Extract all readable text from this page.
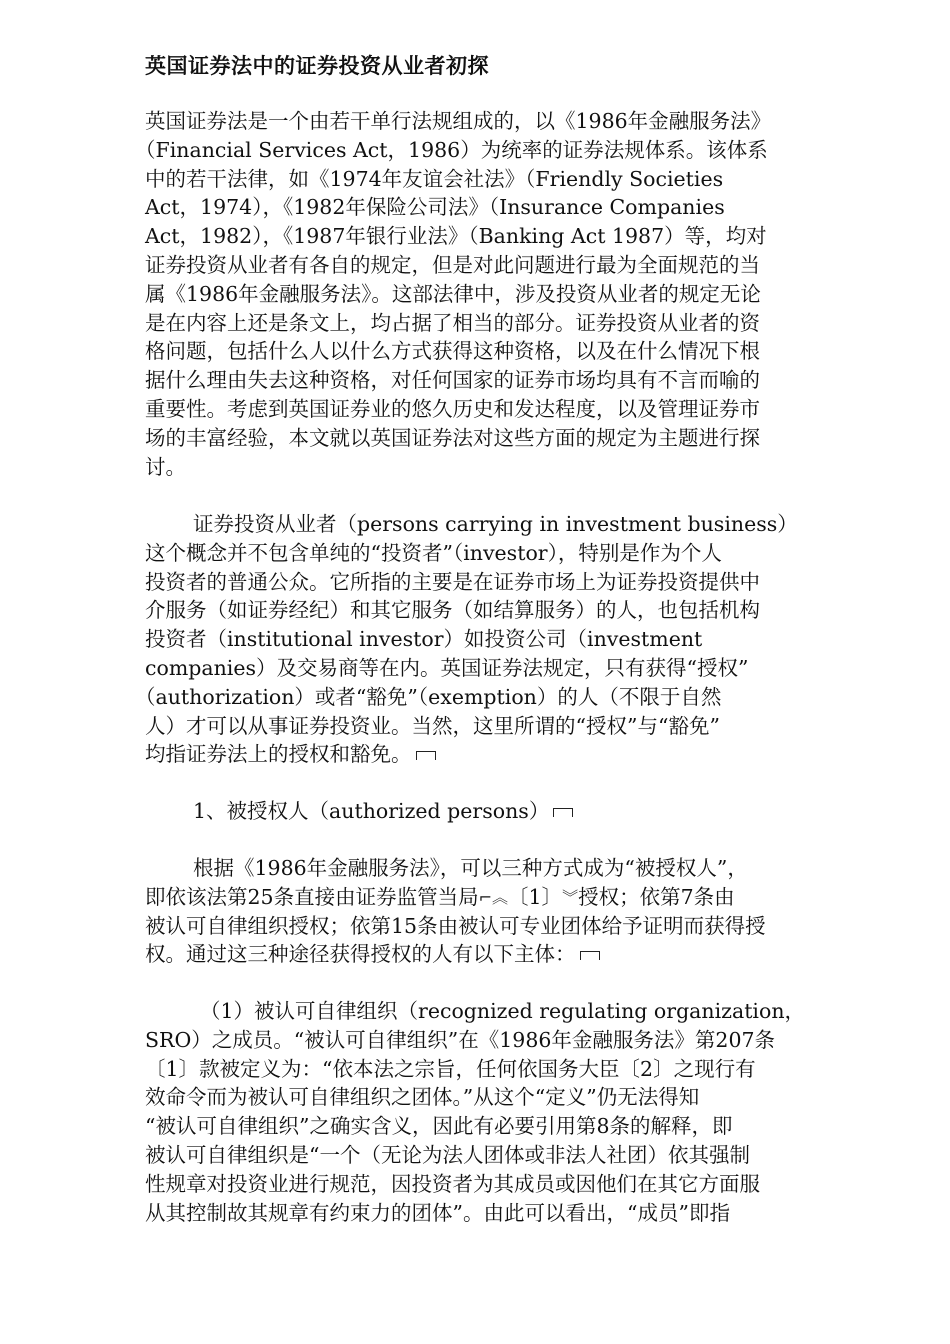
英国证券法中的证券投资从业者初探
英国证券法是一个由若干单行法规组成的，以《1986年金融服务法》
（Financial Services Act，1986）为统率的证券法规体系。该体系
中的若干法律，如《1974年友谊会社法》（Friendly Societies
Act，1974），《1982年保险公司法》（Insurance Companies
Act，1982），《1987年银行业法》（Banking Act 1987）等，均对
证券投资从业者有各自的规定，但是对此问题进行最为全面规范的当
属《1986年金融服务法》。这部法律中，涉及投资从业者的规定无论
是在内容上还是条文上，均占据了相当的部分。证券投资从业者的资
格问题，包括什么人以什么方式获得这种资格，以及在什么情况下根
据什么理由失去这种资格，对任何国家的证券市场均具有不言而喻的
重要性。考虑到英国证券业的悠久历史和发达程度，以及管理证券市
场的丰富经验，本文就以英国证券法对这些方面的规定为主题进行探
讨。
证券投资从业者（persons carrying in investment business）
这个概念并不包含单纯的“投资者”（investor），特别是作为个人
投资者的普通公众。它所指的主要是在证券市场上为证券投资提供中
介服务（如证券经纪）和其它服务（如结算服务）的人，也包括机构
投资者（institutional investor）如投资公司（investment
companies）及交易商等在内。英国证券法规定，只有获得“授权”
（authorization）或者“豁免”（exemption）的人（不限于自然
人）才可以从事证券投资业。当然，这里所谓的“授权”与“豁免”
均指证券法上的授权和豁免。
1、被授权人（authorized persons）
根据《1986年金融服务法》，可以三种方式成为“被授权人”，
即依该法第25条直接由证券监管当局⌐︽〔1〕︾授权；依第7条由
被认可自律组织授权；依第15条由被认可专业团体给予证明而获得授
权。通过这三种途径获得授权的人有以下主体：
（1）被认可自律组织（recognized regulating organization，
SRO）之成员。“被认可自律组织”在《1986年金融服务法》第207条
〔1〕款被定义为：“依本法之宗旨，任何依国务大臣〔2〕之现行有
效命令而为被认可自律组织之团体。”从这个“定义”仍无法得知
“被认可自律组织”之确实含义，因此有必要引用第8条的解释，即
被认可自律组织是“一个（无论为法人团体或非法人社团）依其强制
性规章对投资业进行规范，因投资者为其成员或因他们在其它方面服
从其控制故其规章有约束力的团体”。由此可以看出，“成员”即指
